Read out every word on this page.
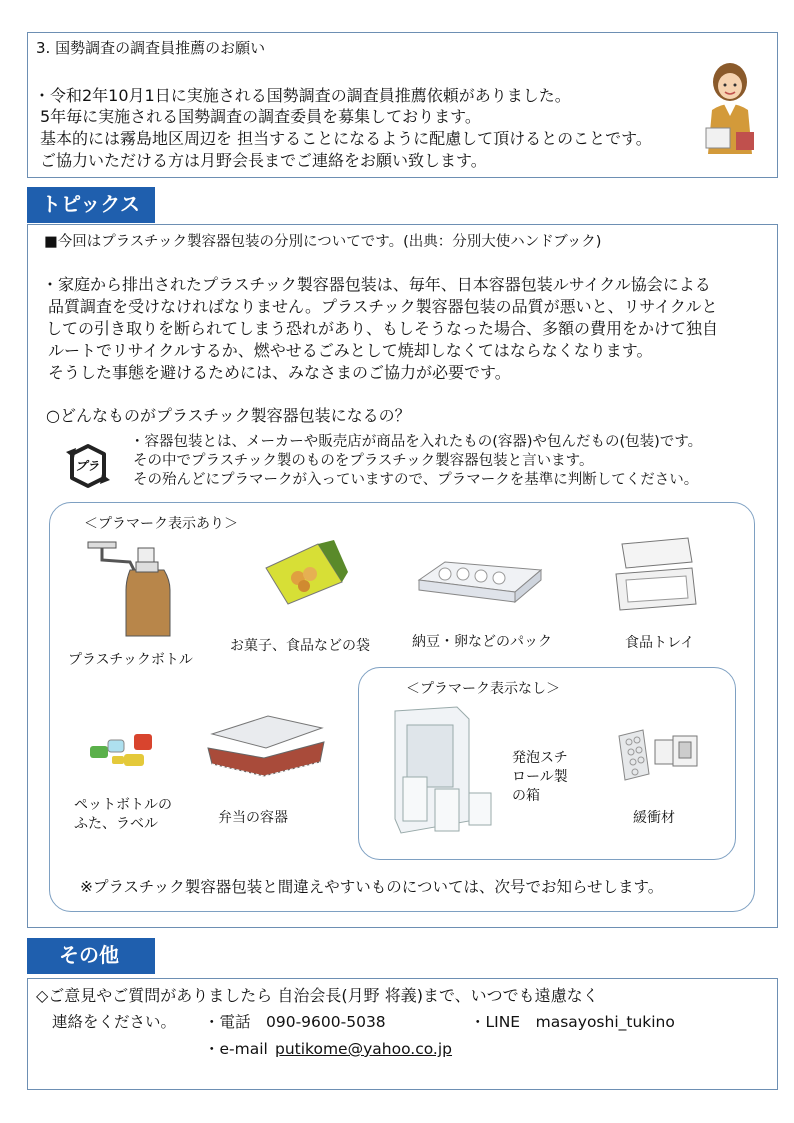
3. 国勢調査の調査員推薦のお願い
・令和2年10月1日に実施される国勢調査の調査員推薦依頼がありました。
5年毎に実施される国勢調査の調査委員を募集しております。
基本的には霧島地区周辺を 担当することになるように配慮して頂けるとのことです。
ご協力いただける方は月野会長までご連絡をお願い致します。
トピックス
■今回はプラスチック製容器包装の分別についてです。(出典：分別大使ハンドブック)
・家庭から排出されたプラスチック製容器包装は、毎年、日本容器包装ルサイクル協会による
品質調査を受けなければなりません。プラスチック製容器包装の品質が悪いと、リサイクルと
しての引き取りを断られてしまう恐れがあり、もしそうなった場合、多額の費用をかけて独自
ルートでリサイクルするか、燃やせるごみとして焼却しなくてはならなくなります。
そうした事態を避けるためには、みなさまのご協力が必要です。
○どんなものがプラスチック製容器包装になるの？
プラ
・容器包装とは、メーカーや販売店が商品を入れたもの(容器)や包んだもの(包装)です。
その中でプラスチック製のものをプラスチック製容器包装と言います。
その殆んどにプラマークが入っていますので、プラマークを基準に判断してください。
＜プラマーク表示あり＞
プラスチックボトル
お菓子、食品などの袋	納豆・卵などのパック	食品トレイ
ペットボトルの
ふた、ラベル	弁当の容器
＜プラマーク表示なし＞
発泡スチ
ロール製
の箱
緩衝材
※プラスチック製容器包装と間違えやすいものについては、次号でお知らせします。
その他
◇ご意見やご質問がありましたら 自治会長(月野 将義)まで、いつでも遠慮なく
連絡をください。 ・電話　090-9600-5038	・LINE　masayoshi_tukino
・e-mail putikome@yahoo.co.jp
